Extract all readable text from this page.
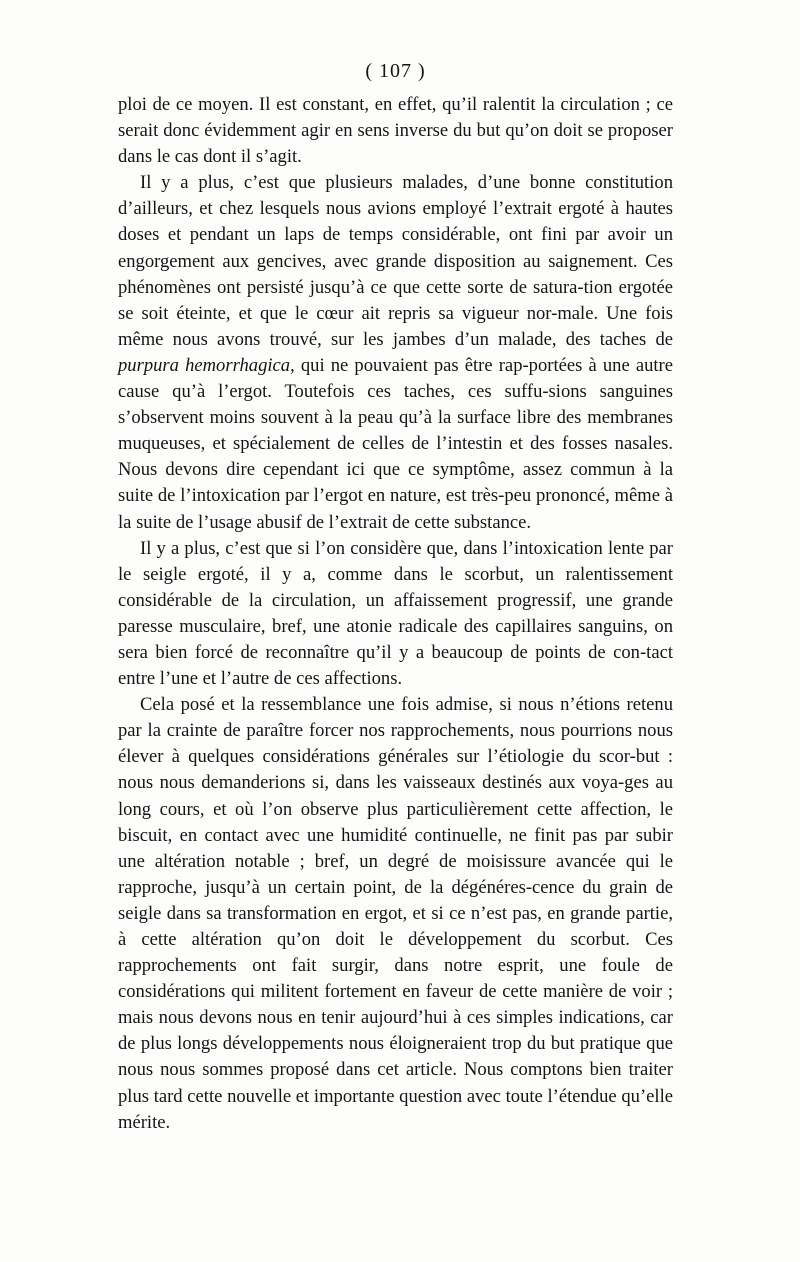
( 107 )

ploi de ce moyen. Il est constant, en effet, qu’il ralentit la circulation ; ce serait donc évidemment agir en sens inverse du but qu’on doit se proposer dans le cas dont il s’agit.

Il y a plus, c’est que plusieurs malades, d’une bonne constitution d’ailleurs, et chez lesquels nous avions employé l’extrait ergoté à hautes doses et pendant un laps de temps considérable, ont fini par avoir un engorgement aux gencives, avec grande disposition au saignement. Ces phénomènes ont persisté jusqu’à ce que cette sorte de satura-tion ergotée se soit éteinte, et que le cœur ait repris sa vigueur nor-male. Une fois même nous avons trouvé, sur les jambes d’un malade, des taches de purpura hemorrhagica, qui ne pouvaient pas être rap-portées à une autre cause qu’à l’ergot. Toutefois ces taches, ces suffu-sions sanguines s’observent moins souvent à la peau qu’à la surface libre des membranes muqueuses, et spécialement de celles de l’intestin et des fosses nasales. Nous devons dire cependant ici que ce symptôme, assez commun à la suite de l’intoxication par l’ergot en nature, est très-peu prononcé, même à la suite de l’usage abusif de l’extrait de cette substance.

Il y a plus, c’est que si l’on considère que, dans l’intoxication lente par le seigle ergoté, il y a, comme dans le scorbut, un ralentissement considérable de la circulation, un affaissement progressif, une grande paresse musculaire, bref, une atonie radicale des capillaires sanguins, on sera bien forcé de reconnaître qu’il y a beaucoup de points de con-tact entre l’une et l’autre de ces affections.

Cela posé et la ressemblance une fois admise, si nous n’étions retenu par la crainte de paraître forcer nos rapprochements, nous pourrions nous élever à quelques considérations générales sur l’étiologie du scor-but : nous nous demanderions si, dans les vaisseaux destinés aux voya-ges au long cours, et où l’on observe plus particulièrement cette affection, le biscuit, en contact avec une humidité continuelle, ne finit pas par subir une altération notable ; bref, un degré de moisissure avancée qui le rapproche, jusqu’à un certain point, de la dégénéres-cence du grain de seigle dans sa transformation en ergot, et si ce n’est pas, en grande partie, à cette altération qu’on doit le développement du scorbut. Ces rapprochements ont fait surgir, dans notre esprit, une foule de considérations qui militent fortement en faveur de cette manière de voir ; mais nous devons nous en tenir aujourd’hui à ces simples indications, car de plus longs développements nous éloigneraient trop du but pratique que nous nous sommes proposé dans cet article. Nous comptons bien traiter plus tard cette nouvelle et importante question avec toute l’étendue qu’elle mérite.
